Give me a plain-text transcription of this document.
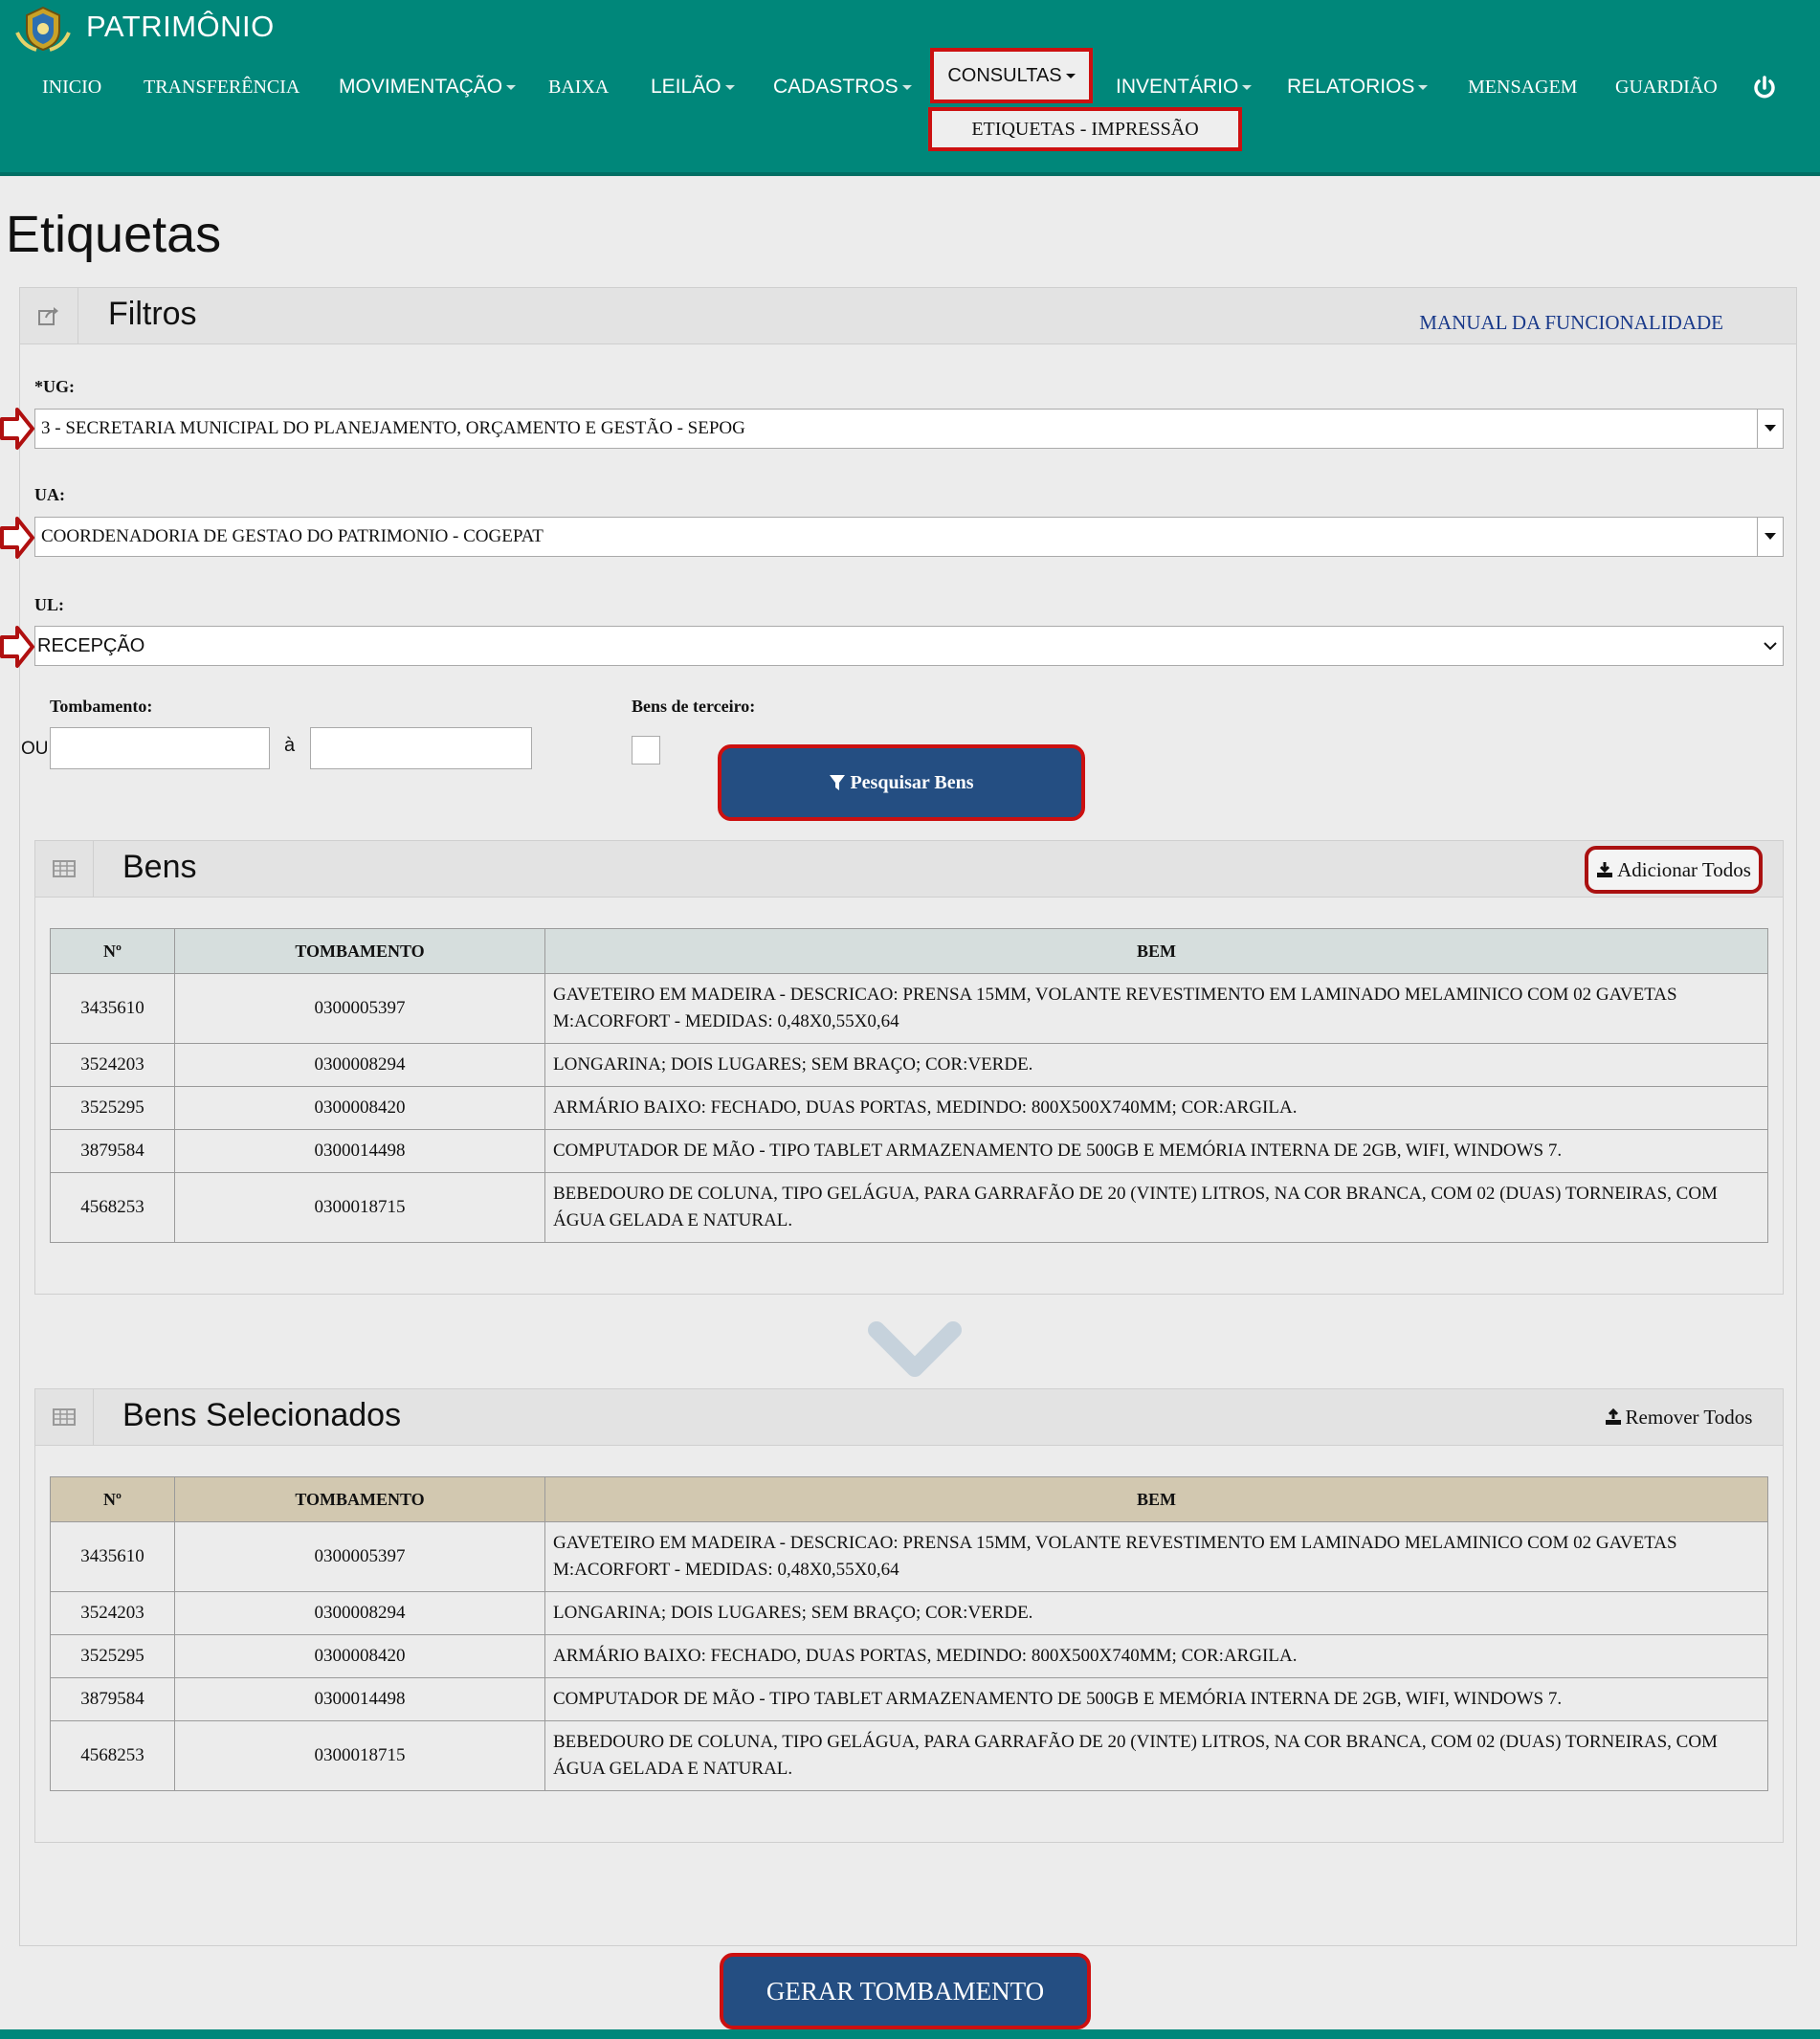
PATRIMÔNIO
INICIO TRANSFERÊNCIA MOVIMENTAÇÃO	BAIXA LEILÃO	CADASTROS	CONSULTAS
ETIQUETAS - IMPRESSÃO
INVENTÁRIO	RELATORIOS	MENSAGEM GUARDIÃO
Etiquetas
Filtros	MANUAL DA FUNCIONALIDADE
*UG:
3 - SECRETARIA MUNICIPAL DO PLANEJAMENTO, ORÇAMENTO E GESTÃO - SEPOG
UA:
COORDENADORIA DE GESTAO DO PATRIMONIO - COGEPAT
UL:
RECEPÇÃO
Tombamento:
OU	à
Bens de terceiro:
Pesquisar Bens
Bens	Adicionar Todos
Nº	TOMBAMENTO	BEM
3435610	0300005397	GAVETEIRO EM MADEIRA - DESCRICAO: PRENSA 15MM, VOLANTE REVESTIMENTO EM LAMINADO MELAMINICO COM 02 GAVETAS M:ACORFORT - MEDIDAS: 0,48X0,55X0,64
3524203	0300008294	LONGARINA; DOIS LUGARES; SEM BRAÇO; COR:VERDE.
3525295	0300008420	ARMÁRIO BAIXO: FECHADO, DUAS PORTAS, MEDINDO: 800X500X740MM; COR:ARGILA.
3879584	0300014498	COMPUTADOR DE MÃO - TIPO TABLET ARMAZENAMENTO DE 500GB E MEMÓRIA INTERNA DE 2GB, WIFI, WINDOWS 7.
4568253	0300018715	BEBEDOURO DE COLUNA, TIPO GELÁGUA, PARA GARRAFÃO DE 20 (VINTE) LITROS, NA COR BRANCA, COM 02 (DUAS) TORNEIRAS, COM ÁGUA GELADA E NATURAL.
Bens Selecionados	Remover Todos
Nº	TOMBAMENTO	BEM
3435610	0300005397	GAVETEIRO EM MADEIRA - DESCRICAO: PRENSA 15MM, VOLANTE REVESTIMENTO EM LAMINADO MELAMINICO COM 02 GAVETAS M:ACORFORT - MEDIDAS: 0,48X0,55X0,64
3524203	0300008294	LONGARINA; DOIS LUGARES; SEM BRAÇO; COR:VERDE.
3525295	0300008420	ARMÁRIO BAIXO: FECHADO, DUAS PORTAS, MEDINDO: 800X500X740MM; COR:ARGILA.
3879584	0300014498	COMPUTADOR DE MÃO - TIPO TABLET ARMAZENAMENTO DE 500GB E MEMÓRIA INTERNA DE 2GB, WIFI, WINDOWS 7.
4568253	0300018715	BEBEDOURO DE COLUNA, TIPO GELÁGUA, PARA GARRAFÃO DE 20 (VINTE) LITROS, NA COR BRANCA, COM 02 (DUAS) TORNEIRAS, COM ÁGUA GELADA E NATURAL.
GERAR TOMBAMENTO
